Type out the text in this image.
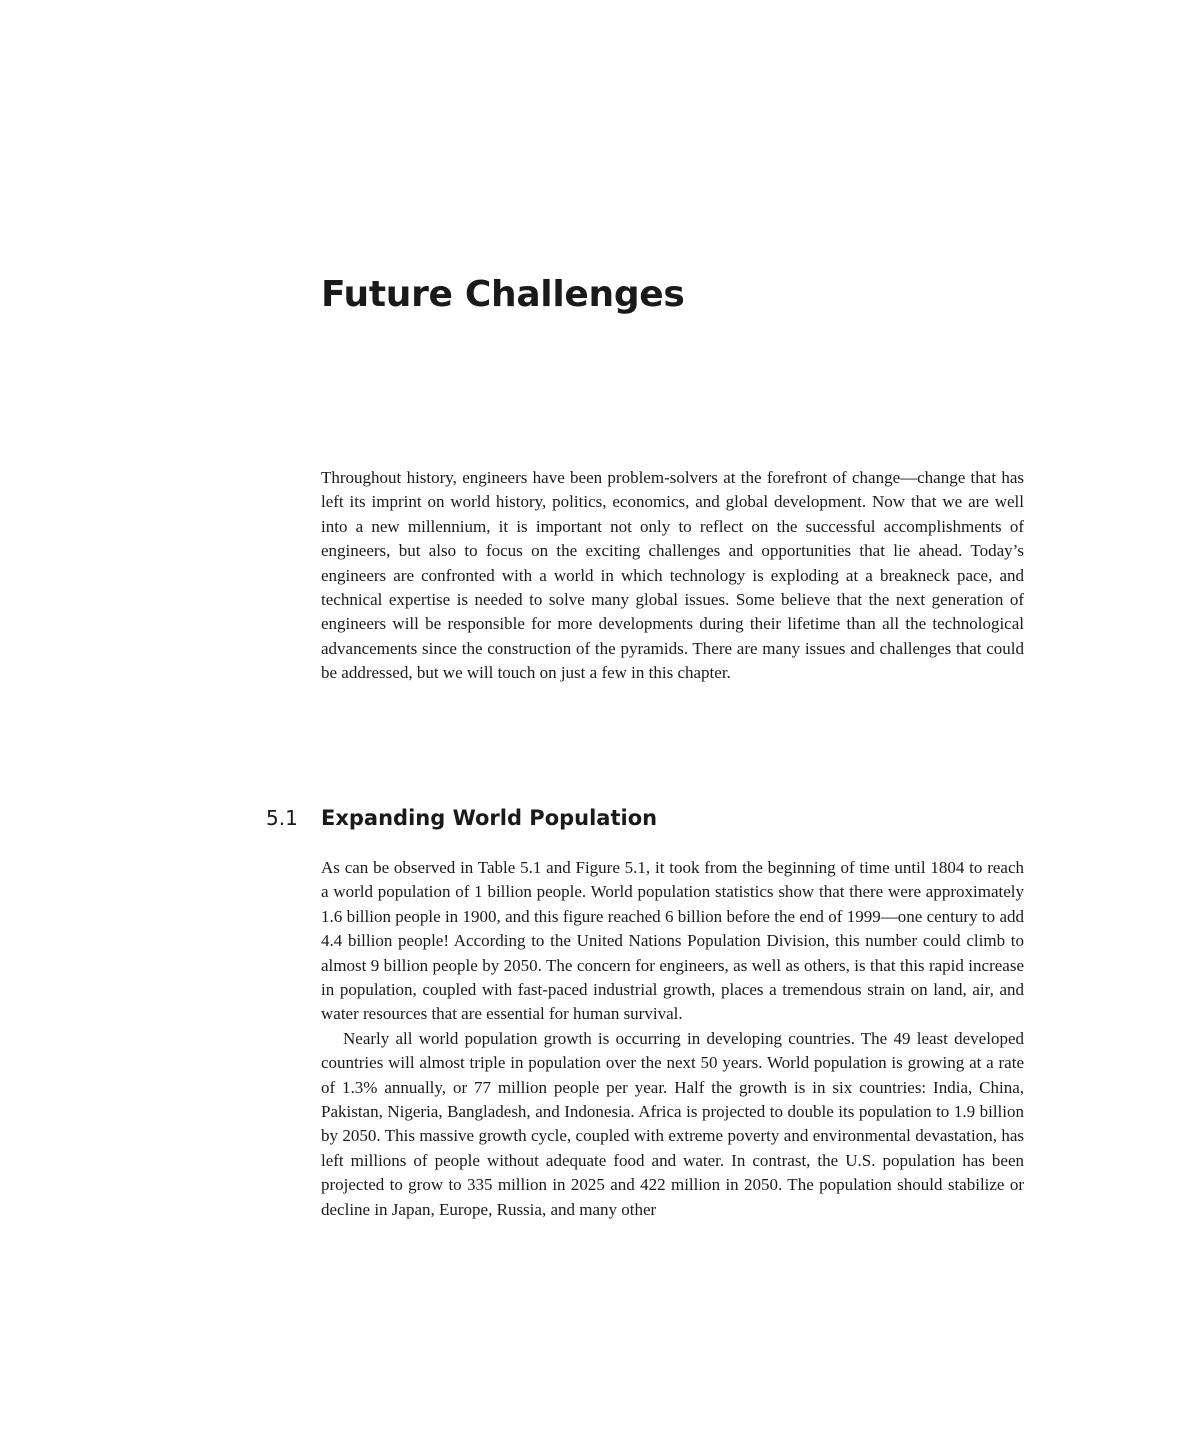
Future Challenges

Throughout history, engineers have been problem-solvers at the forefront of change—change that has left its imprint on world history, politics, economics, and global development. Now that we are well into a new millennium, it is important not only to reflect on the successful accomplishments of engineers, but also to focus on the exciting challenges and opportunities that lie ahead. Today’s engineers are confronted with a world in which technology is exploding at a breakneck pace, and technical expertise is needed to solve many global issues. Some believe that the next generation of engineers will be responsible for more developments during their lifetime than all the technological advancements since the construction of the pyramids. There are many issues and challenges that could be addressed, but we will touch on just a few in this chapter.

5.1 Expanding World Population

As can be observed in Table 5.1 and Figure 5.1, it took from the beginning of time until 1804 to reach a world population of 1 billion people. World population statistics show that there were approximately 1.6 billion people in 1900, and this figure reached 6 billion before the end of 1999—one century to add 4.4 billion people! According to the United Nations Population Division, this number could climb to almost 9 billion people by 2050. The concern for engineers, as well as others, is that this rapid increase in population, coupled with fast-paced industrial growth, places a tremendous strain on land, air, and water resources that are essential for human survival.

Nearly all world population growth is occurring in developing countries. The 49 least developed countries will almost triple in population over the next 50 years. World population is growing at a rate of 1.3% annually, or 77 million people per year. Half the growth is in six countries: India, China, Pakistan, Nigeria, Bangladesh, and Indonesia. Africa is projected to double its population to 1.9 billion by 2050. This massive growth cycle, coupled with extreme poverty and environmental devastation, has left millions of people without adequate food and water. In contrast, the U.S. population has been projected to grow to 335 million in 2025 and 422 million in 2050. The population should stabilize or decline in Japan, Europe, Russia, and many other
